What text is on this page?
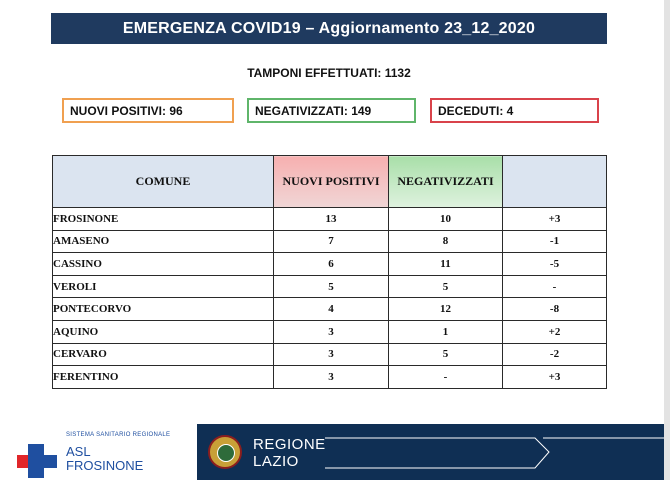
EMERGENZA COVID19 – Aggiornamento 23_12_2020
TAMPONI EFFETTUATI: 1132
NUOVI POSITIVI: 96	NEGATIVIZZATI: 149	DECEDUTI: 4
COMUNE	NUOVI POSITIVI	NEGATIVIZZATI	
FROSINONE	13	10	+3
AMASENO	7	8	-1
CASSINO	6	11	-5
VEROLI	5	5	-
PONTECORVO	4	12	-8
AQUINO	3	1	+2
CERVARO	3	5	-2
FERENTINO	3	-	+3
SISTEMA SANITARIO REGIONALE
ASL
FROSINONE
REGIONE
LAZIO
